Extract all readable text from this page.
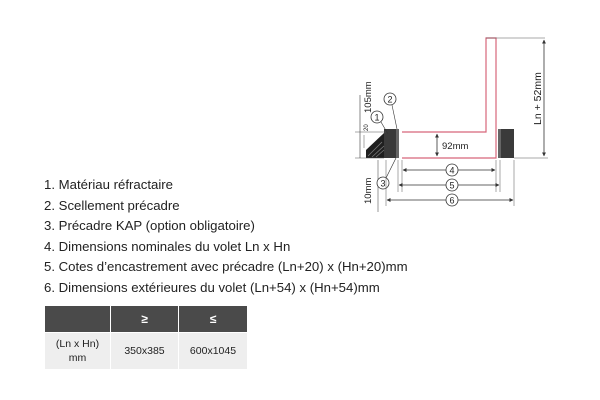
Ln + 52mm
92mm
105mm
20
10mm
1
2
3
4
5
6
1. Matériau réfractaire
2. Scellement précadre
3. Précadre KAP (option obligatoire)
4. Dimensions nominales du volet Ln x Hn
5. Cotes d’encastrement avec précadre (Ln+20) x (Hn+20)mm
6. Dimensions extérieures du volet (Ln+54) x (Hn+54)mm
	≥	≤
(Ln x Hn)
mm	350x385	600x1045
